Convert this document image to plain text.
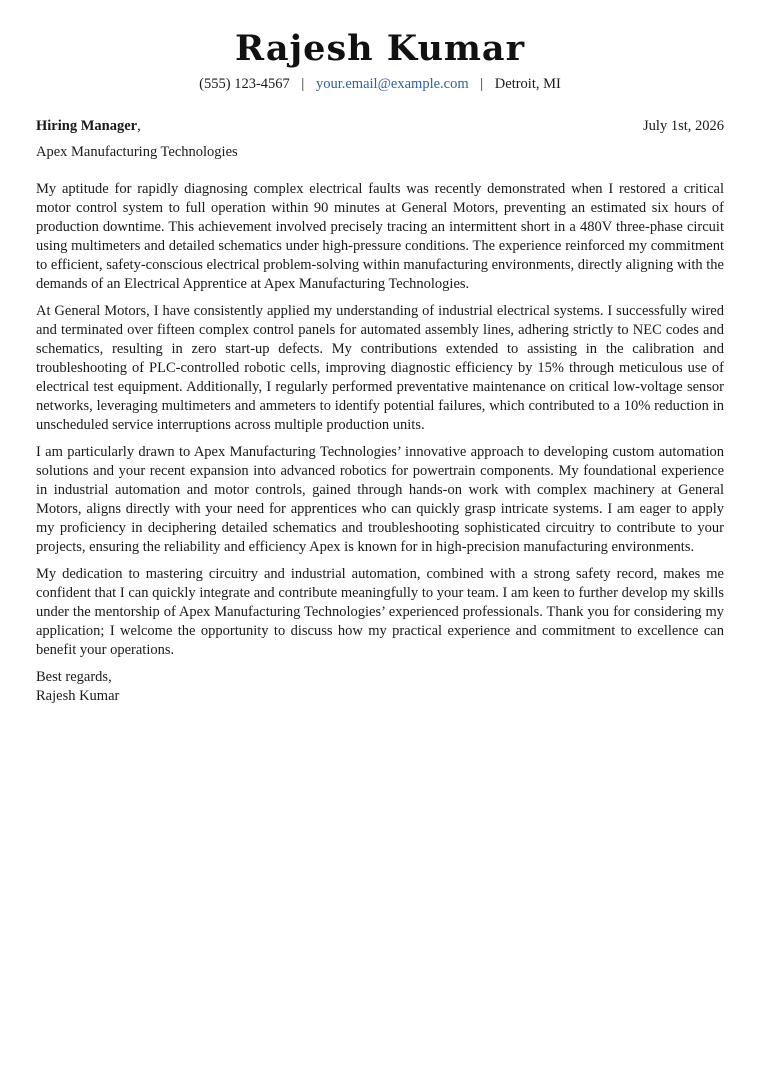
Rajesh Kumar
(555) 123-4567 | your.email@example.com | Detroit, MI
Hiring Manager,	July 1st, 2026
Apex Manufacturing Technologies

My aptitude for rapidly diagnosing complex electrical faults was recently demonstrated when I restored a critical motor control system to full operation within 90 minutes at General Motors, preventing an estimated six hours of production downtime. This achievement involved precisely tracing an intermittent short in a 480V three-phase circuit using multimeters and detailed schematics under high-pressure conditions. The experience reinforced my commitment to efficient, safety-conscious electrical problem-solving within manufacturing environments, directly aligning with the demands of an Electrical Apprentice at Apex Manufacturing Technologies.

At General Motors, I have consistently applied my understanding of industrial electrical systems. I successfully wired and terminated over fifteen complex control panels for automated assembly lines, adhering strictly to NEC codes and schematics, resulting in zero start-up defects. My contributions extended to assisting in the calibration and troubleshooting of PLC-controlled robotic cells, improving diagnostic efficiency by 15% through meticulous use of electrical test equipment. Additionally, I regularly performed preventative maintenance on critical low-voltage sensor networks, leveraging multimeters and ammeters to identify potential failures, which contributed to a 10% reduction in unscheduled service interruptions across multiple production units.

I am particularly drawn to Apex Manufacturing Technologies’ innovative approach to developing custom automation solutions and your recent expansion into advanced robotics for powertrain components. My foundational experience in industrial automation and motor controls, gained through hands-on work with complex machinery at General Motors, aligns directly with your need for apprentices who can quickly grasp intricate systems. I am eager to apply my proficiency in deciphering detailed schematics and troubleshooting sophisticated circuitry to contribute to your projects, ensuring the reliability and efficiency Apex is known for in high-precision manufacturing environments.

My dedication to mastering circuitry and industrial automation, combined with a strong safety record, makes me confident that I can quickly integrate and contribute meaningfully to your team. I am keen to further develop my skills under the mentorship of Apex Manufacturing Technologies’ experienced professionals. Thank you for considering my application; I welcome the opportunity to discuss how my practical experience and commitment to excellence can benefit your operations.

Best regards,
Rajesh Kumar
